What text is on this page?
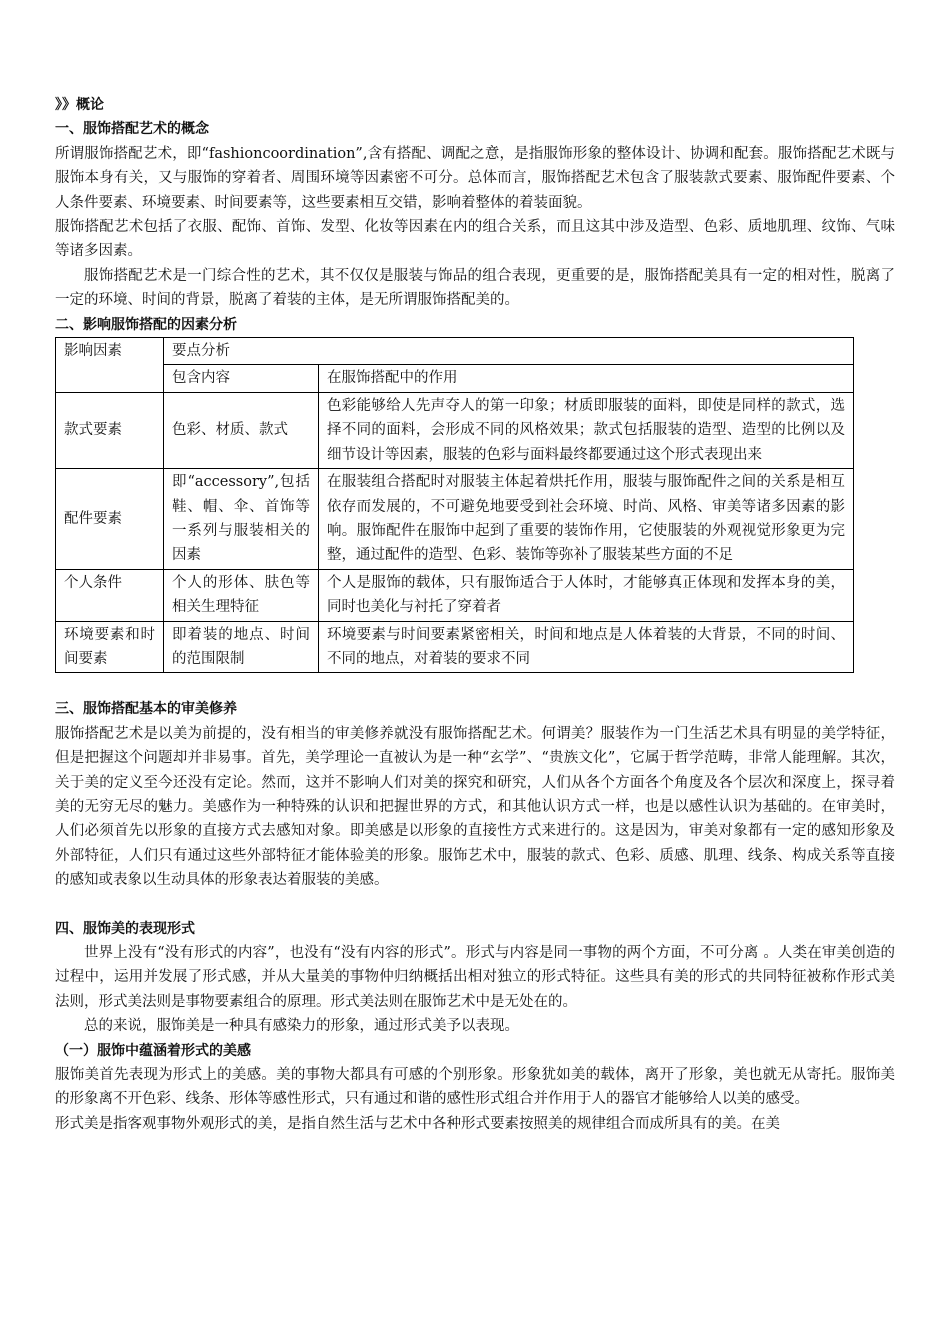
》》概论

一、服饰搭配艺术的概念

所谓服饰搭配艺术，即“fashioncoordination”,含有搭配、调配之意，是指服饰形象的整体设计、协调和配套。服饰搭配艺术既与服饰本身有关，又与服饰的穿着者、周围环境等因素密不可分。总体而言，服饰搭配艺术包含了服装款式要素、服饰配件要素、个人条件要素、环境要素、时间要素等，这些要素相互交错，影响着整体的着装面貌。

服饰搭配艺术包括了衣服、配饰、首饰、发型、化妆等因素在内的组合关系，而且这其中涉及造型、色彩、质地肌理、纹饰、气味等诸多因素。

服饰搭配艺术是一门综合性的艺术，其不仅仅是服装与饰品的组合表现，更重要的是，服饰搭配美具有一定的相对性，脱离了一定的环境、时间的背景，脱离了着装的主体，是无所谓服饰搭配美的。

二、影响服饰搭配的因素分析

影响因素	要点分析	
	包含内容	在服饰搭配中的作用
款式要素	色彩、材质、款式	色彩能够给人先声夺人的第一印象；材质即服装的面料，即使是同样的款式，选择不同的面料，会形成不同的风格效果；款式包括服装的造型、造型的比例以及细节设计等因素，服装的色彩与面料最终都要通过这个形式表现出来
配件要素	即“accessory”,包括鞋、帽、伞、首饰等一系列与服装相关的因素	在服装组合搭配时对服装主体起着烘托作用，服装与服饰配件之间的关系是相互依存而发展的，不可避免地要受到社会环境、时尚、风格、审美等诸多因素的影响。服饰配件在服饰中起到了重要的装饰作用，它使服装的外观视觉形象更为完整，通过配件的造型、色彩、装饰等弥补了服装某些方面的不足
个人条件	个人的形体、肤色等相关生理特征	个人是服饰的载体，只有服饰适合于人体时，才能够真正体现和发挥本身的美，同时也美化与衬托了穿着者
环境要素和时间要素	即着装的地点、时间的范围限制	环境要素与时间要素紧密相关，时间和地点是人体着装的大背景，不同的时间、不同的地点，对着装的要求不同

三、服饰搭配基本的审美修养

服饰搭配艺术是以美为前提的，没有相当的审美修养就没有服饰搭配艺术。何谓美？服装作为一门生活艺术具有明显的美学特征，但是把握这个问题却并非易事。首先，美学理论一直被认为是一种“玄学”、“贵族文化”，它属于哲学范畴，非常人能理解。其次，关于美的定义至今还没有定论。然而，这并不影响人们对美的探究和研究，人们从各个方面各个角度及各个层次和深度上，探寻着美的无穷无尽的魅力。美感作为一种特殊的认识和把握世界的方式，和其他认识方式一样，也是以感性认识为基础的。在审美时，人们必须首先以形象的直接方式去感知对象。即美感是以形象的直接性方式来进行的。这是因为，审美对象都有一定的感知形象及外部特征，人们只有通过这些外部特征才能体验美的形象。服饰艺术中，服装的款式、色彩、质感、肌理、线条、构成关系等直接的感知或表象以生动具体的形象表达着服装的美感。

四、服饰美的表现形式

世界上没有“没有形式的内容”，也没有“没有内容的形式”。形式与内容是同一事物的两个方面，不可分离 。人类在审美创造的过程中，运用并发展了形式感，并从大量美的事物仲归纳概括出相对独立的形式特征。这些具有美的形式的共同特征被称作形式美法则，形式美法则是事物要素组合的原理。形式美法则在服饰艺术中是无处在的。

总的来说，服饰美是一种具有感染力的形象，通过形式美予以表现。

（一）服饰中蕴涵着形式的美感

服饰美首先表现为形式上的美感。美的事物大都具有可感的个别形象。形象犹如美的载体，离开了形象，美也就无从寄托。服饰美的形象离不开色彩、线条、形体等感性形式，只有通过和谐的感性形式组合并作用于人的器官才能够给人以美的感受。

形式美是指客观事物外观形式的美，是指自然生活与艺术中各种形式要素按照美的规律组合而成所具有的美。在美
